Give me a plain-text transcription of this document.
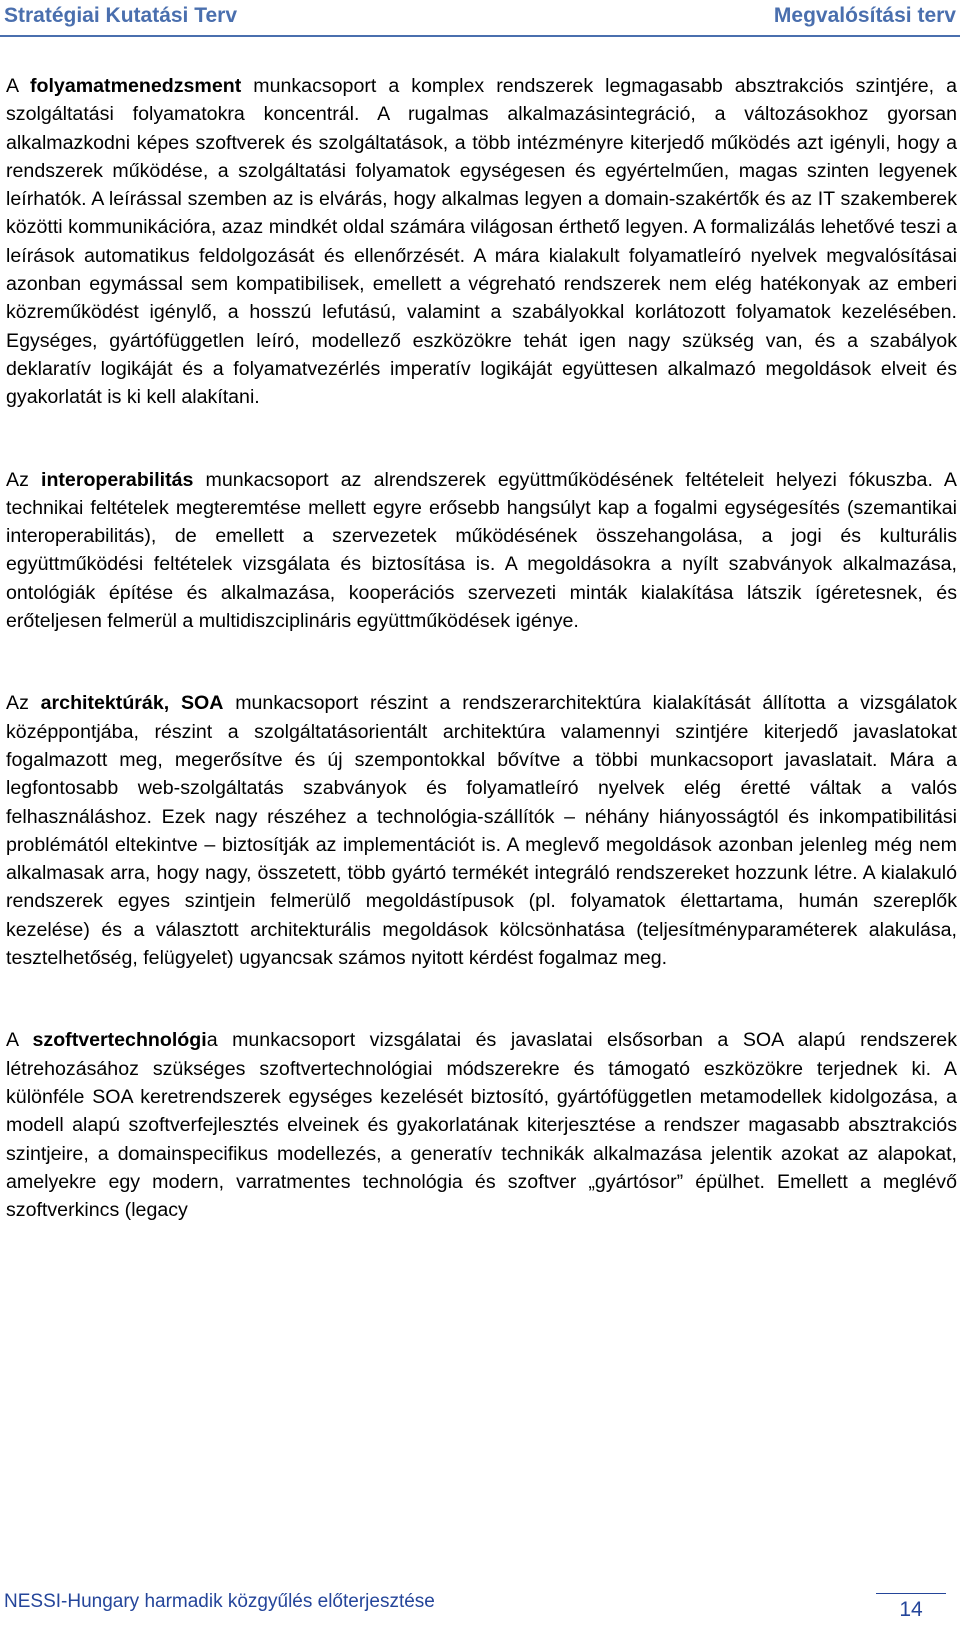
Stratégiai Kutatási Terv	Megvalósítási terv

A folyamatmenedzsment munkacsoport a komplex rendszerek legmagasabb absztrakciós szintjére, a szolgáltatási folyamatokra koncentrál. A rugalmas alkalmazásintegráció, a változásokhoz gyorsan alkalmazkodni képes szoftverek és szolgáltatások, a több intézményre kiterjedő működés azt igényli, hogy a rendszerek működése, a szolgáltatási folyamatok egységesen és egyértelműen, magas szinten legyenek leírhatók. A leírással szemben az is elvárás, hogy alkalmas legyen a domain-szakértők és az IT szakemberek közötti kommunikációra, azaz mindkét oldal számára világosan érthető legyen. A formalizálás lehetővé teszi a leírások automatikus feldolgozását és ellenőrzését. A mára kialakult folyamatleíró nyelvek megvalósításai azonban egymással sem kompatibilisek, emellett a végreható rendszerek nem elég hatékonyak az emberi közreműködést igénylő, a hosszú lefutású, valamint a szabályokkal korlátozott folyamatok kezelésében. Egységes, gyártófüggetlen leíró, modellező eszközökre tehát igen nagy szükség van, és a szabályok deklaratív logikáját és a folyamatvezérlés imperatív logikáját együttesen alkalmazó megoldások elveit és gyakorlatát is ki kell alakítani.

Az interoperabilitás munkacsoport az alrendszerek együttműködésének feltételeit helyezi fókuszba. A technikai feltételek megteremtése mellett egyre erősebb hangsúlyt kap a fogalmi egységesítés (szemantikai interoperabilitás), de emellett a szervezetek működésének összehangolása, a jogi és kulturális együttműködési feltételek vizsgálata és biztosítása is. A megoldásokra a nyílt szabványok alkalmazása, ontológiák építése és alkalmazása, kooperációs szervezeti minták kialakítása látszik ígéretesnek, és erőteljesen felmerül a multidiszciplináris együttműködések igénye.

Az architektúrák, SOA munkacsoport részint a rendszerarchitektúra kialakítását állította a vizsgálatok középpontjába, részint a szolgáltatásorientált architektúra valamennyi szintjére kiterjedő javaslatokat fogalmazott meg, megerősítve és új szempontokkal bővítve a többi munkacsoport javaslatait. Mára a legfontosabb web-szolgáltatás szabványok és folyamatleíró nyelvek elég éretté váltak a valós felhasználáshoz. Ezek nagy részéhez a technológia-szállítók – néhány hiányosságtól és inkompatibilitási problémától eltekintve – biztosítják az implementációt is. A meglevő megoldások azonban jelenleg még nem alkalmasak arra, hogy nagy, összetett, több gyártó termékét integráló rendszereket hozzunk létre. A kialakuló rendszerek egyes szintjein felmerülő megoldástípusok (pl. folyamatok élettartama, humán szereplők kezelése) és a választott architekturális megoldások kölcsönhatása (teljesítményparaméterek alakulása, tesztelhetőség, felügyelet) ugyancsak számos nyitott kérdést fogalmaz meg.

A szoftvertechnológia munkacsoport vizsgálatai és javaslatai elsősorban a SOA alapú rendszerek létrehozásához szükséges szoftvertechnológiai módszerekre és támogató eszközökre terjednek ki. A különféle SOA keretrendszerek egységes kezelését biztosító, gyártófüggetlen metamodellek kidolgozása, a modell alapú szoftverfejlesztés elveinek és gyakorlatának kiterjesztése a rendszer magasabb absztrakciós szintjeire, a domainspecifikus modellezés, a generatív technikák alkalmazása jelentik azokat az alapokat, amelyekre egy modern, varratmentes technológia és szoftver „gyártósor” épülhet. Emellett a meglévő szoftverkincs (legacy

NESSI-Hungary harmadik közgyűlés előterjesztése	14
